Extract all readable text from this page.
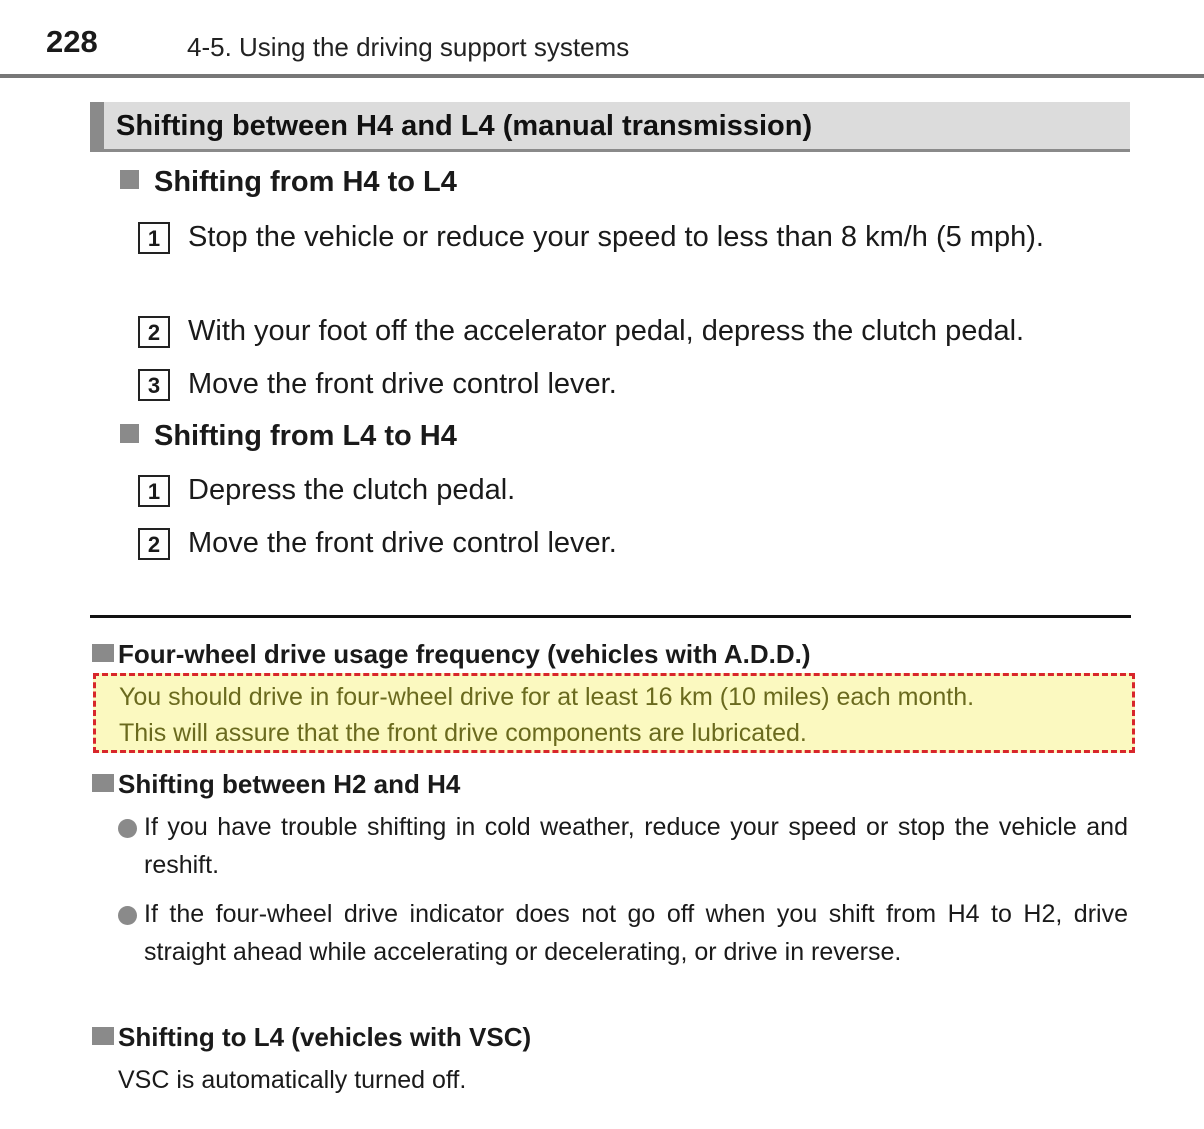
228	4-5. Using the driving support systems
Shifting between H4 and L4 (manual transmission)
Shifting from H4 to L4
1 Stop the vehicle or reduce your speed to less than 8 km/h (5 mph).
2 With your foot off the accelerator pedal, depress the clutch pedal.
3 Move the front drive control lever.
Shifting from L4 to H4
1 Depress the clutch pedal.
2 Move the front drive control lever.
Four-wheel drive usage frequency (vehicles with A.D.D.)
You should drive in four-wheel drive for at least 16 km (10 miles) each month.
This will assure that the front drive components are lubricated.
Shifting between H2 and H4
If you have trouble shifting in cold weather, reduce your speed or stop the vehicle and reshift.
If the four-wheel drive indicator does not go off when you shift from H4 to H2, drive straight ahead while accelerating or decelerating, or drive in reverse.
Shifting to L4 (vehicles with VSC)
VSC is automatically turned off.
